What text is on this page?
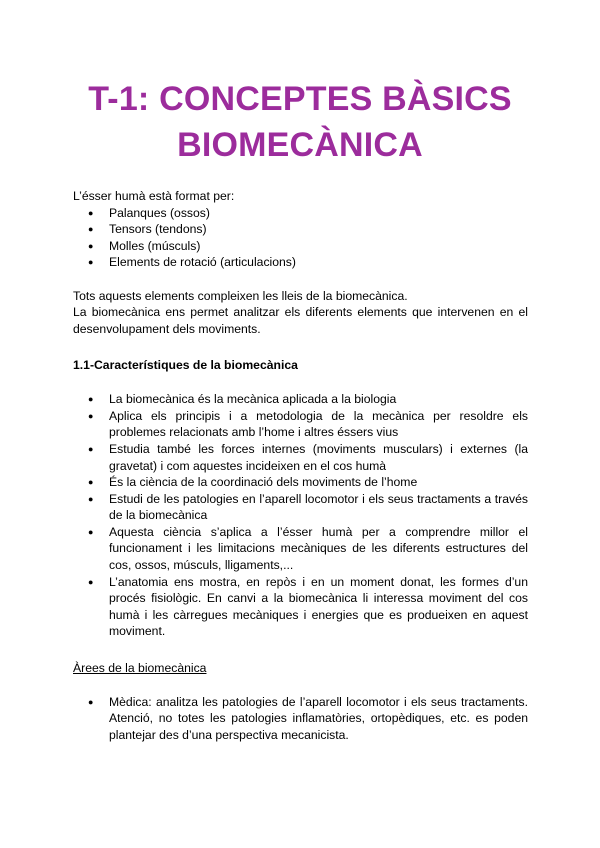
T-1: CONCEPTES BÀSICS
BIOMECÀNICA

L’ésser humà està format per:

● Palanques (ossos)
● Tensors (tendons)
● Molles (músculs)
● Elements de rotació (articulacions)

Tots aquests elements compleixen les lleis de la biomecànica.

La biomecànica ens permet analitzar els diferents elements que intervenen en el desenvolupament dels moviments.

1.1-Característiques de la biomecànica

● La biomecànica és la mecànica aplicada a la biologia
● Aplica els principis i a metodologia de la mecànica per resoldre els problemes relacionats amb l’home i altres éssers vius
● Estudia també les forces internes (moviments musculars) i externes (la gravetat) i com aquestes incideixen en el cos humà
● És la ciència de la coordinació dels moviments de l’home
● Estudi de les patologies en l’aparell locomotor i els seus tractaments a través de la biomecànica
● Aquesta ciència s’aplica a l’ésser humà per a comprendre millor el funcionament i les limitacions mecàniques de les diferents estructures del cos, ossos, músculs, lligaments,...
● L’anatomia ens mostra, en repòs i en un moment donat, les formes d’un procés fisiològic. En canvi a la biomecànica li interessa moviment del cos humà i les càrregues mecàniques i energies que es produeixen en aquest moviment.

Àrees de la biomecànica

● Mèdica: analitza les patologies de l’aparell locomotor i els seus tractaments. Atenció, no totes les patologies inflamatòries, ortopèdiques, etc. es poden plantejar des d’una perspectiva mecanicista.
